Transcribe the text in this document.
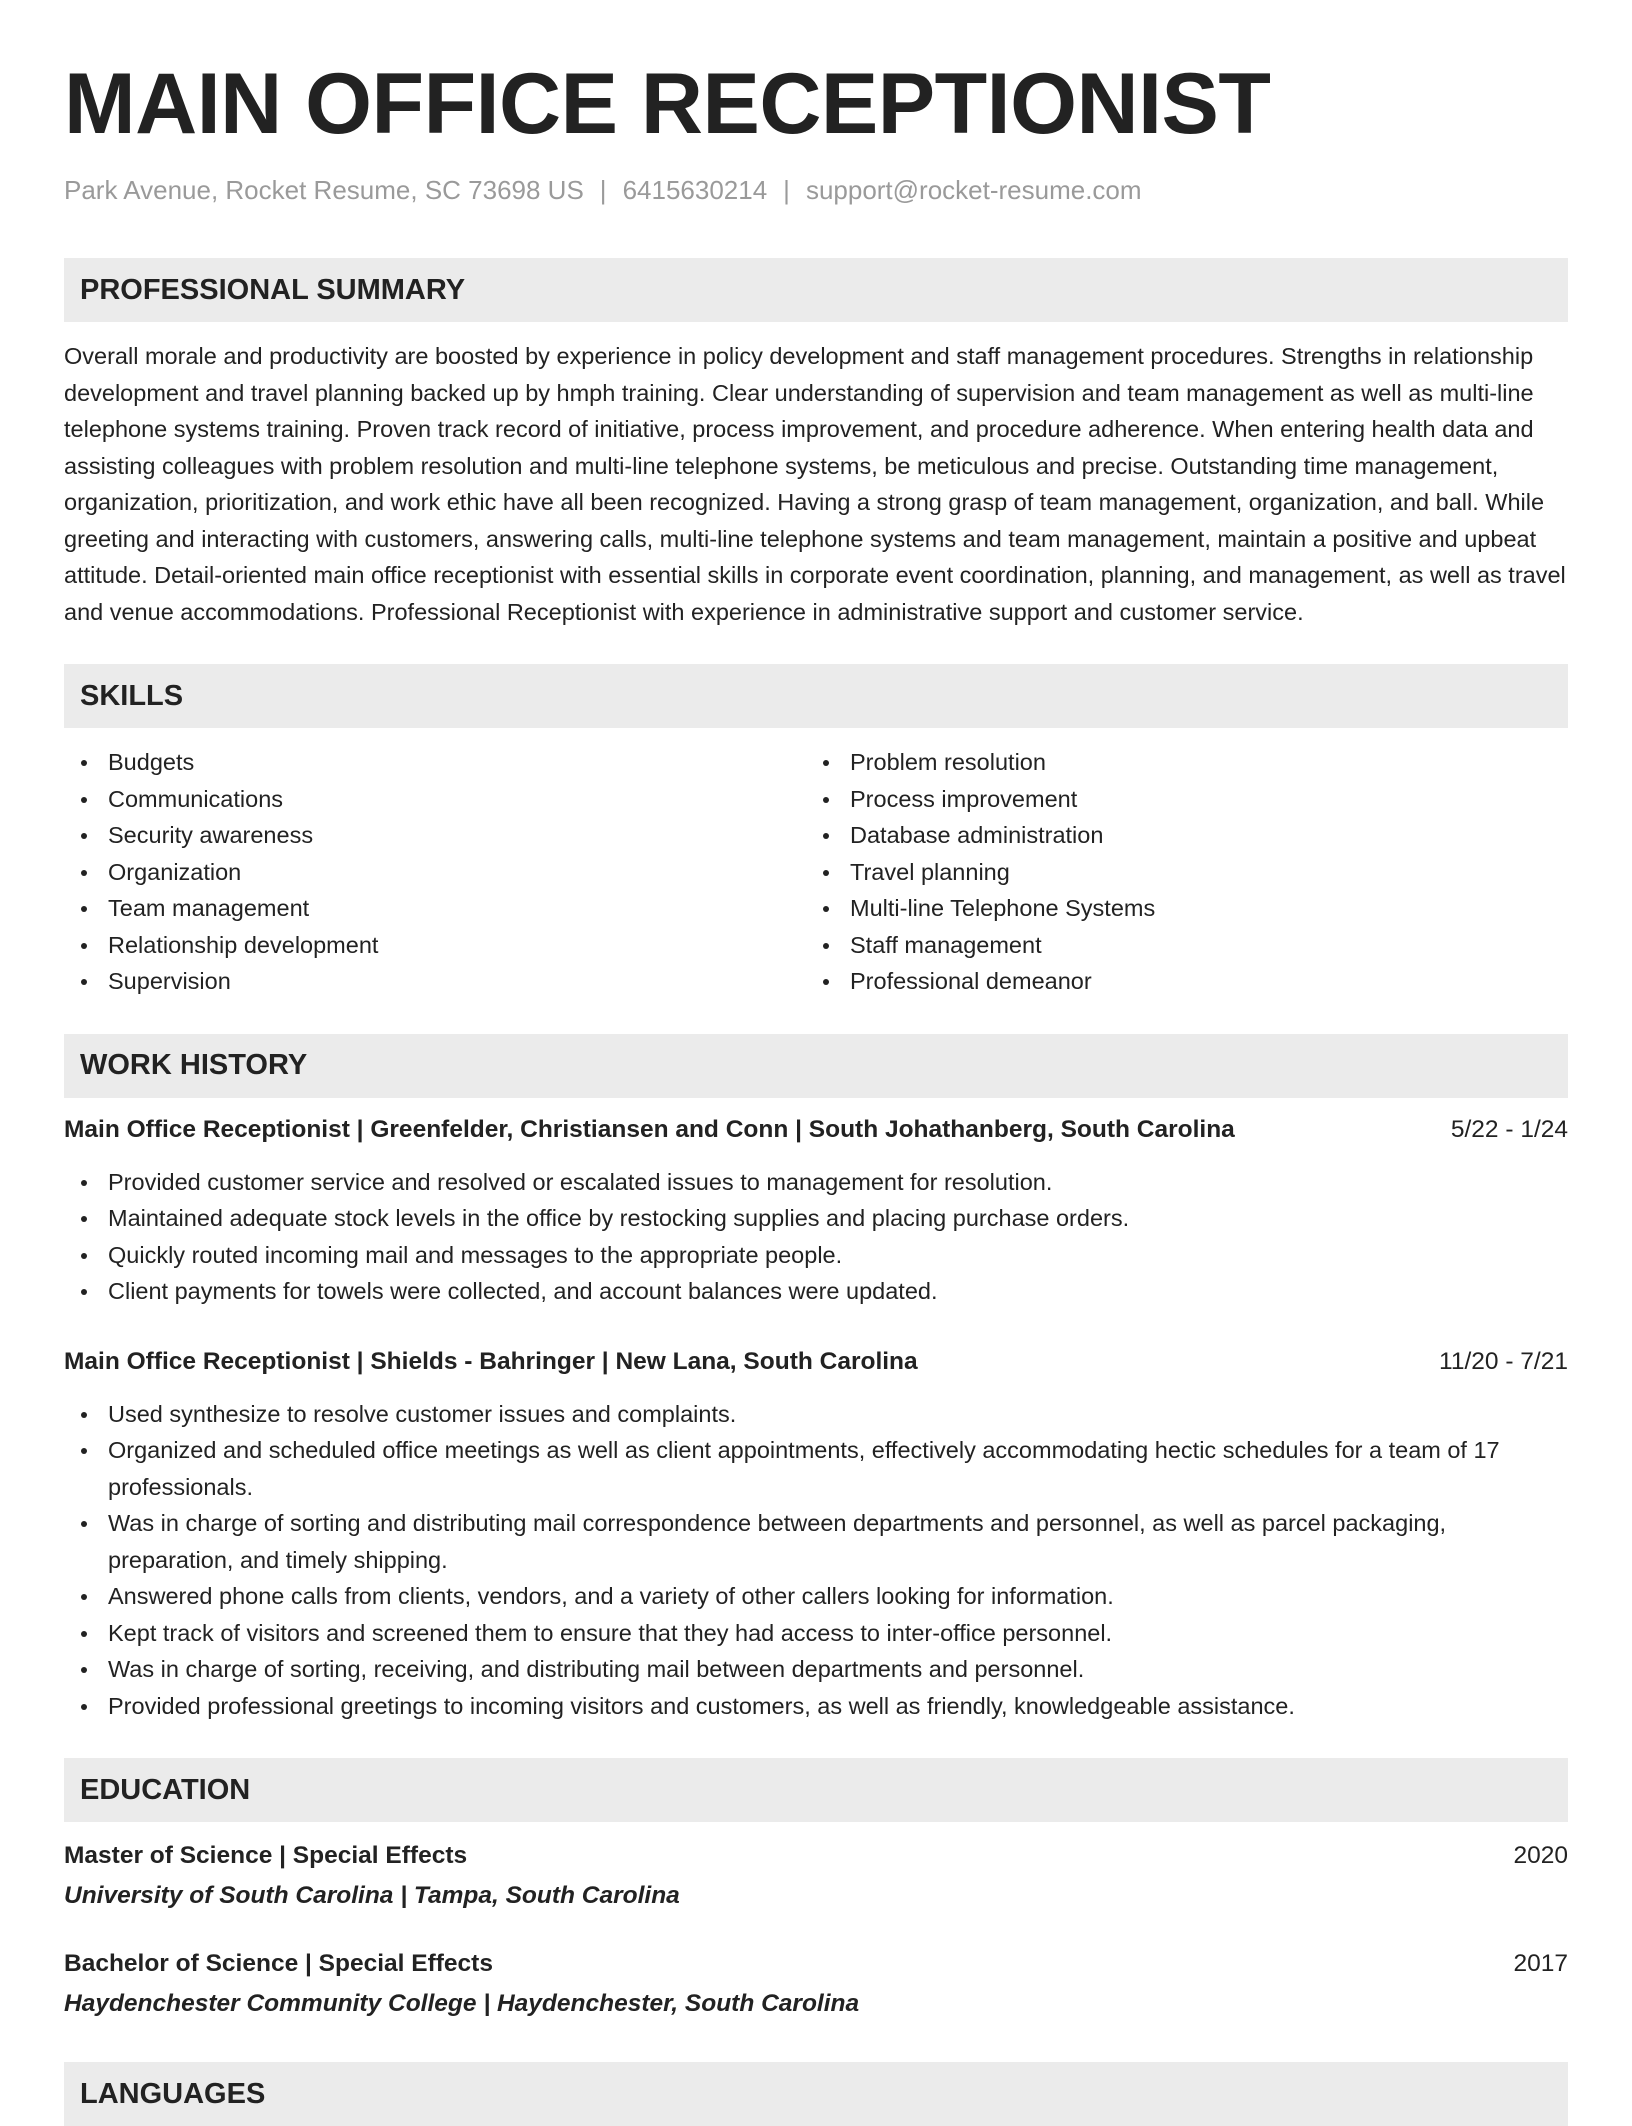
MAIN OFFICE RECEPTIONIST
Park Avenue, Rocket Resume, SC 73698 US | 6415630214 | support@rocket-resume.com
PROFESSIONAL SUMMARY
Overall morale and productivity are boosted by experience in policy development and staff management procedures. Strengths in relationship development and travel planning backed up by hmph training. Clear understanding of supervision and team management as well as multi-line telephone systems training. Proven track record of initiative, process improvement, and procedure adherence. When entering health data and assisting colleagues with problem resolution and multi-line telephone systems, be meticulous and precise. Outstanding time management, organization, prioritization, and work ethic have all been recognized. Having a strong grasp of team management, organization, and ball. While greeting and interacting with customers, answering calls, multi-line telephone systems and team management, maintain a positive and upbeat attitude. Detail-oriented main office receptionist with essential skills in corporate event coordination, planning, and management, as well as travel and venue accommodations. Professional Receptionist with experience in administrative support and customer service.
SKILLS
Budgets
Communications
Security awareness
Organization
Team management
Relationship development
Supervision
Problem resolution
Process improvement
Database administration
Travel planning
Multi-line Telephone Systems
Staff management
Professional demeanor
WORK HISTORY
Main Office Receptionist | Greenfelder, Christiansen and Conn | South Johathanberg, South Carolina	5/22 - 1/24
Provided customer service and resolved or escalated issues to management for resolution.
Maintained adequate stock levels in the office by restocking supplies and placing purchase orders.
Quickly routed incoming mail and messages to the appropriate people.
Client payments for towels were collected, and account balances were updated.
Main Office Receptionist | Shields - Bahringer | New Lana, South Carolina	11/20 - 7/21
Used synthesize to resolve customer issues and complaints.
Organized and scheduled office meetings as well as client appointments, effectively accommodating hectic schedules for a team of 17 professionals.
Was in charge of sorting and distributing mail correspondence between departments and personnel, as well as parcel packaging, preparation, and timely shipping.
Answered phone calls from clients, vendors, and a variety of other callers looking for information.
Kept track of visitors and screened them to ensure that they had access to inter-office personnel.
Was in charge of sorting, receiving, and distributing mail between departments and personnel.
Provided professional greetings to incoming visitors and customers, as well as friendly, knowledgeable assistance.
EDUCATION
Master of Science | Special Effects	2020
University of South Carolina | Tampa, South Carolina
Bachelor of Science | Special Effects	2017
Haydenchester Community College | Haydenchester, South Carolina
LANGUAGES
